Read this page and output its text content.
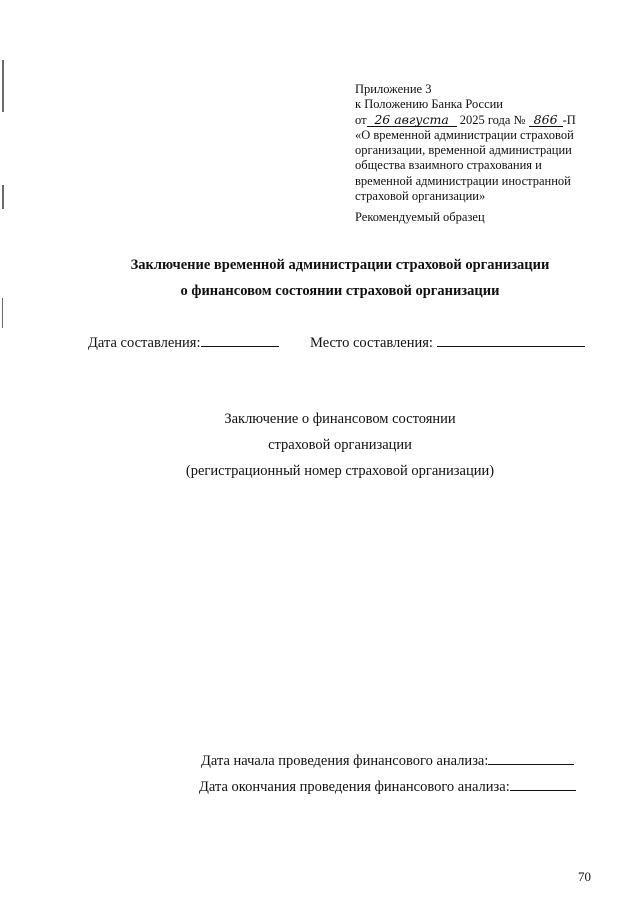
Приложение 3
к Положению Банка России
от 26 августа 2025 года № 866 -П
«О временной администрации страховой
организации, временной администрации
общества взаимного страхования и
временной администрации иностранной
страховой организации»
Рекомендуемый образец
Заключение временной администрации страховой организации
о финансовом состоянии страховой организации
Дата составления:	Место составления:
Заключение о финансовом состоянии
страховой организации
(регистрационный номер страховой организации)
Дата начала проведения финансового анализа:
Дата окончания проведения финансового анализа:
70
